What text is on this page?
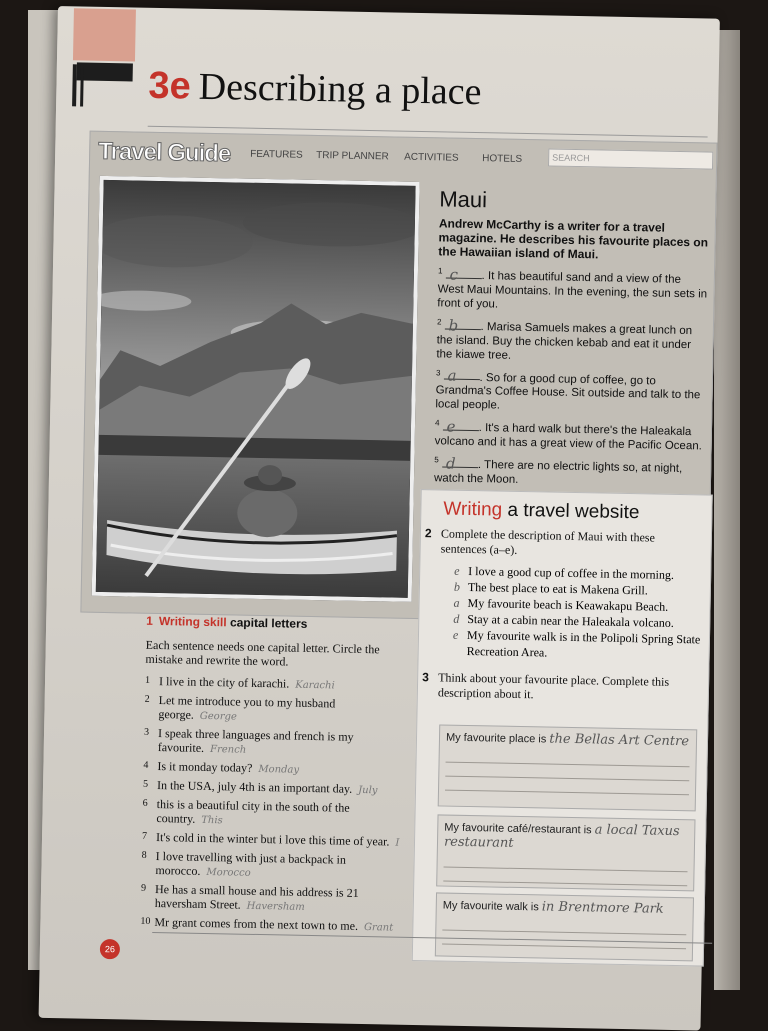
3e Describing a place
Travel Guide FEATURES TRIP PLANNER ACTIVITIES HOTELS	SEARCH
Maui

Andrew McCarthy is a writer for a travel magazine. He describes his favourite places on the Hawaiian island of Maui.

$^1$ c . It has beautiful sand and a view of the West Maui Mountains. In the evening, the sun sets in front of you.

$^2$ b . Marisa Samuels makes a great lunch on the island. Buy the chicken kebab and eat it under the kiawe tree.

$^3$ a . So for a good cup of coffee, go to Grandma's Coffee House. Sit outside and talk to the local people.

$^4$ e . It's a hard walk but there's the Haleakala volcano and it has a great view of the Pacific Ocean.

$^5$ d . There are no electric lights so, at night, watch the Moon.

Writing a travel website
2 Complete the description of Maui with these sentences (a–e).
e I love a good cup of coffee in the morning.
b The best place to eat is Makena Grill.
a My favourite beach is Keawakapu Beach.
d Stay at a cabin near the Haleakala volcano.
e My favourite walk is in the Polipoli Spring State Recreation Area.
3 Think about your favourite place. Complete this description about it.
My favourite place is the Bellas Art Centre
My favourite café/restaurant is a local Taxus restaurant
My favourite walk is in Brentmore Park
1 Writing skill capital letters

Each sentence needs one capital letter. Circle the mistake and rewrite the word.

1 I live in the city of karachi. Karachi
2 Let me introduce you to my husband george. George
3 I speak three languages and french is my favourite. French
4 Is it monday today? Monday
5 In the USA, july 4th is an important day. July
6 this is a beautiful city in the south of the country. This
7 It's cold in the winter but i love this time of year. I
8 I love travelling with just a backpack in morocco. Morocco
9 He has a small house and his address is 21 haversham Street. Haversham
10 Mr grant comes from the next town to me. Grant
26
